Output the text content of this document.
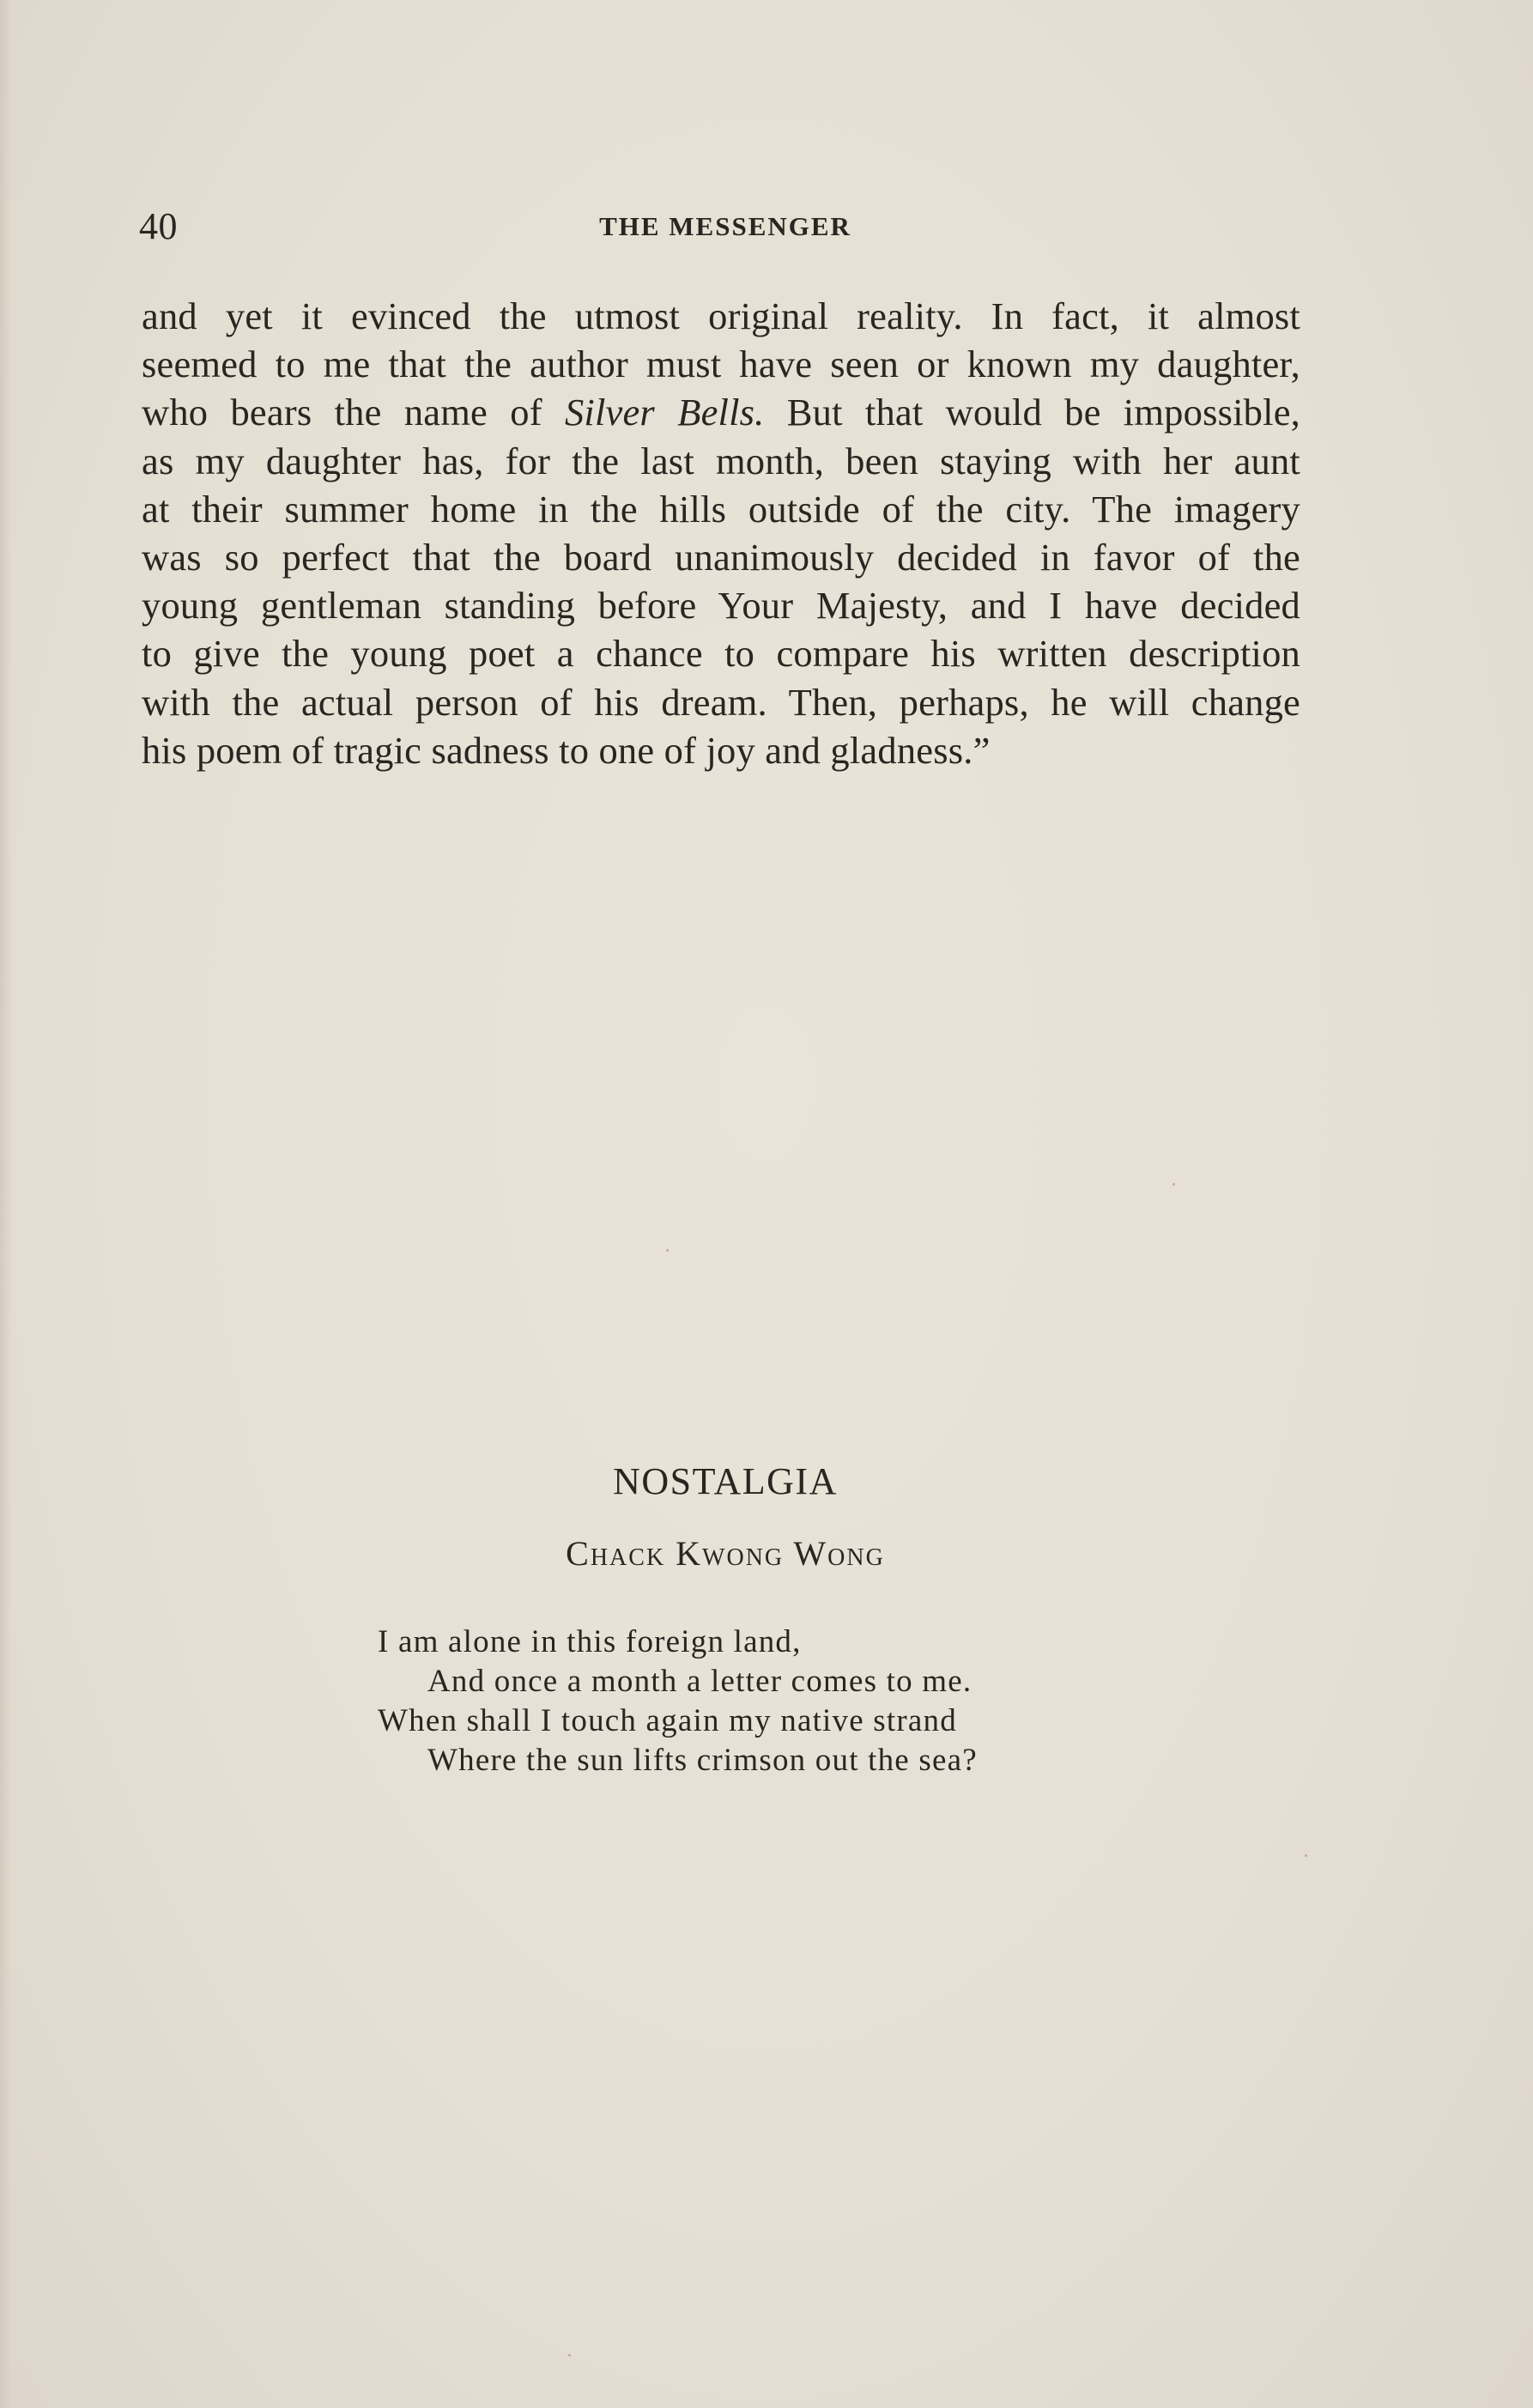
40	THE MESSENGER
and yet it evinced the utmost original reality. In fact, it almost
seemed to me that the author must have seen or known my daughter,
who bears the name of Silver Bells. But that would be impossible,
as my daughter has, for the last month, been staying with her aunt
at their summer home in the hills outside of the city. The imagery
was so perfect that the board unanimously decided in favor of the
young gentleman standing before Your Majesty, and I have decided
to give the young poet a chance to compare his written description
with the actual person of his dream. Then, perhaps, he will change
his poem of tragic sadness to one of joy and gladness.”
NOSTALGIA
Chack Kwong Wong
I am alone in this foreign land,
And once a month a letter comes to me.
When shall I touch again my native strand
Where the sun lifts crimson out the sea?
